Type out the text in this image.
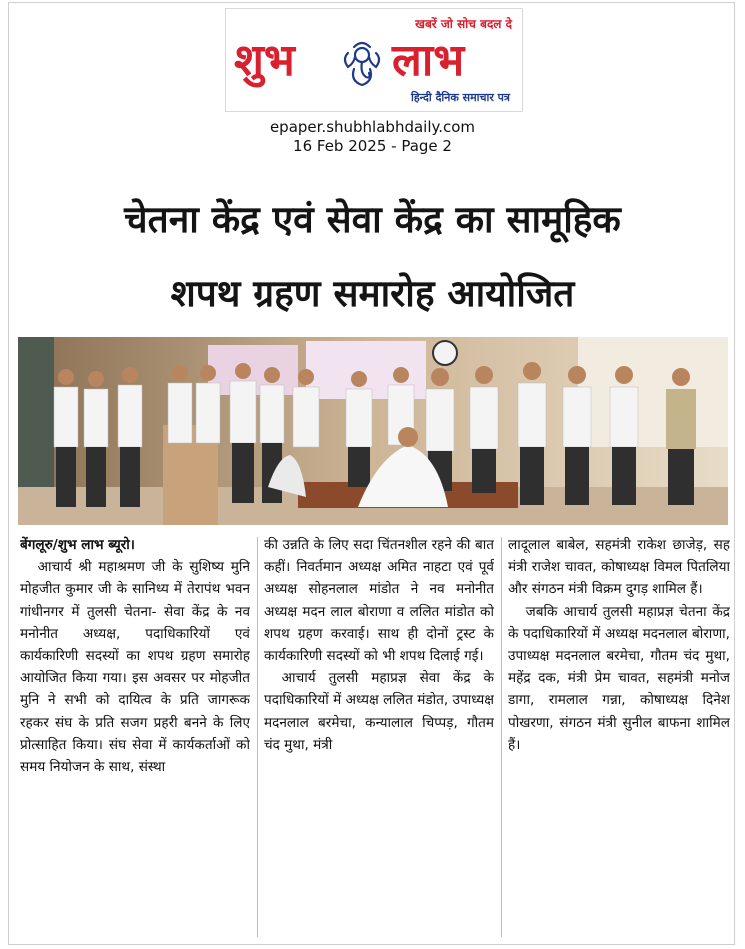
खबरें जो सोच बदल दे
शुभ लाभ
हिन्दी दैनिक समाचार पत्र
epaper.shubhlabhdaily.com
16 Feb 2025 - Page 2
चेतना केंद्र एवं सेवा केंद्र का सामूहिक
शपथ ग्रहण समारोह आयोजित

बेंगलूरु/शुभ लाभ ब्यूरो।

आचार्य श्री महाश्रमण जी के सुशिष्य मुनि मोहजीत कुमार जी के सानिध्य में तेरापंथ भवन गांधीनगर में तुलसी चेतना- सेवा केंद्र के नव मनोनीत अध्यक्ष, पदाधिकारियों एवं कार्यकारिणी सदस्यों का शपथ ग्रहण समारोह आयोजित किया गया। इस अवसर पर मोहजीत मुनि ने सभी को दायित्व के प्रति जागरूक रहकर संघ के प्रति सजग प्रहरी बनने के लिए प्रोत्साहित किया। संघ सेवा में कार्यकर्ताओं को समय नियोजन के साथ, संस्था

की उन्नति के लिए सदा चिंतनशील रहने की बात कहीं। निवर्तमान अध्यक्ष अमित नाहटा एवं पूर्व अध्यक्ष सोहनलाल मांडोत ने नव मनोनीत अध्यक्ष मदन लाल बोराणा व ललित मांडोत को शपथ ग्रहण करवाई। साथ ही दोनों ट्रस्ट के कार्यकारिणी सदस्यों को भी शपथ दिलाई गई।

आचार्य तुलसी महाप्रज्ञ सेवा केंद्र के पदाधिकारियों में अध्यक्ष ललित मंडोत, उपाध्यक्ष मदनलाल बरमेचा, कन्यालाल चिप्पड़, गौतम चंद मुथा, मंत्री

लादूलाल बाबेल, सहमंत्री राकेश छाजेड़, सह मंत्री राजेश चावत, कोषाध्यक्ष विमल पितलिया और संगठन मंत्री विक्रम दुगड़ शामिल हैं।

जबकि आचार्य तुलसी महाप्रज्ञ चेतना केंद्र के पदाधिकारियों में अध्यक्ष मदनलाल बोराणा, उपाध्यक्ष मदनलाल बरमेचा, गौतम चंद मुथा, महेंद्र दक, मंत्री प्रेम चावत, सहमंत्री मनोज डागा, रामलाल गन्ना, कोषाध्यक्ष दिनेश पोखरणा, संगठन मंत्री सुनील बाफना शामिल हैं।
